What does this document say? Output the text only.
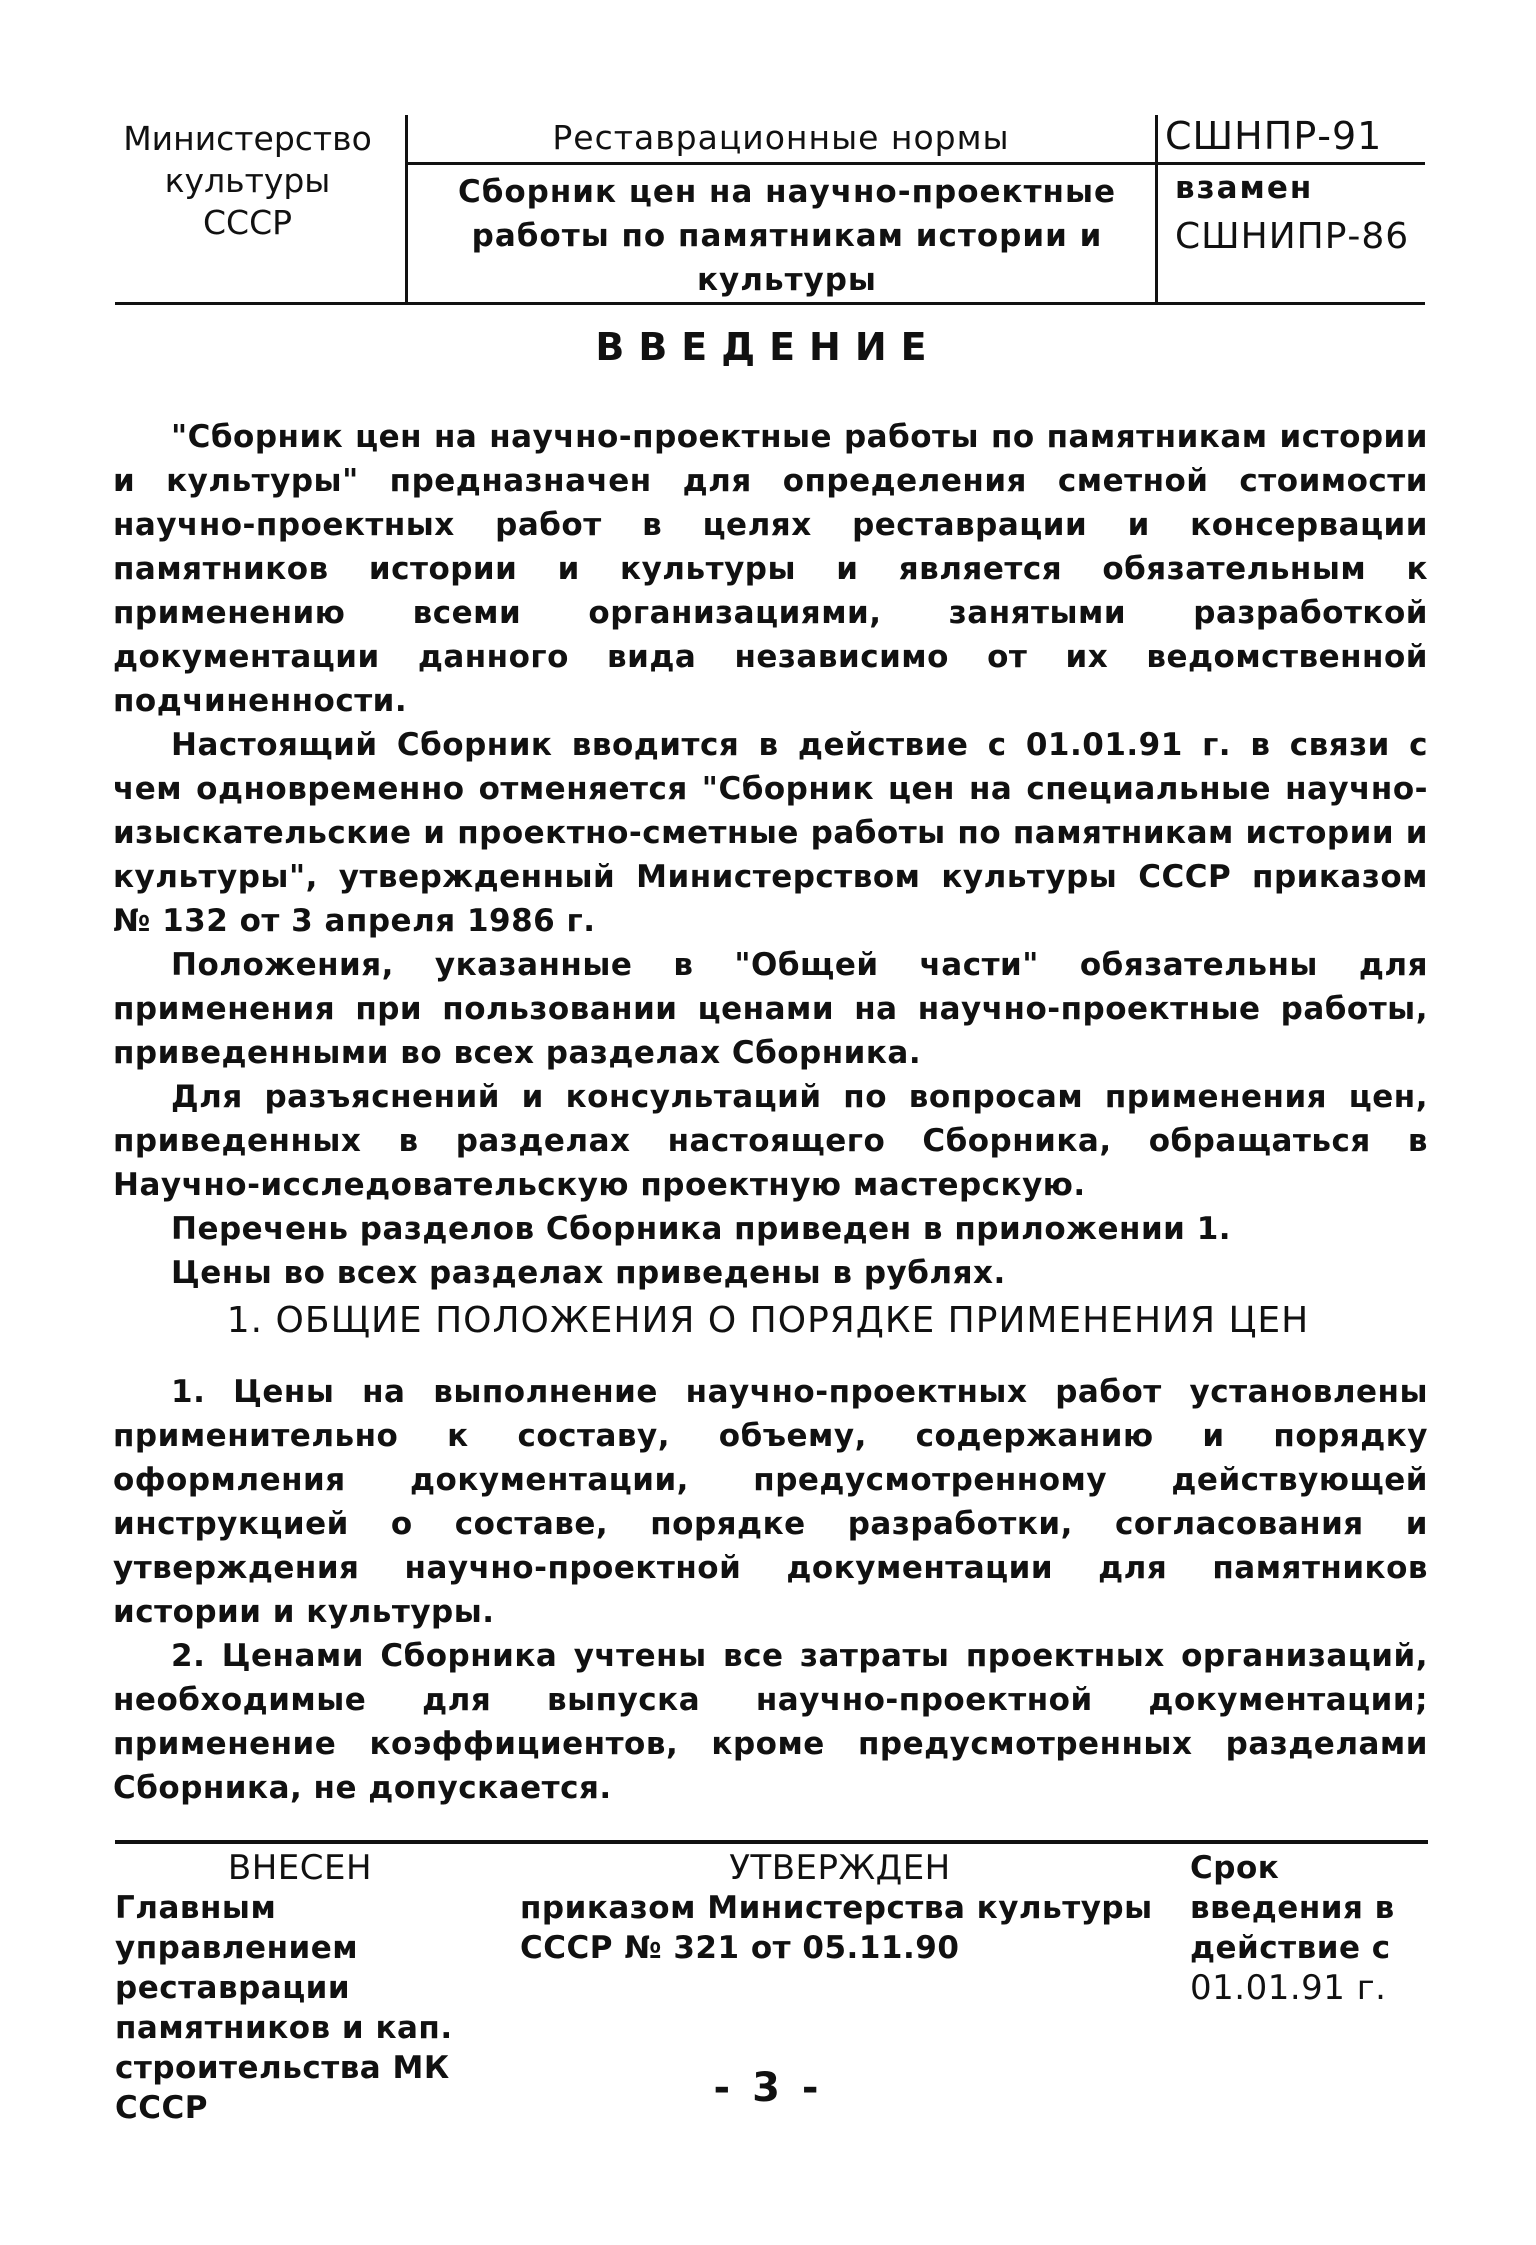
Министерство
культуры
СССР
Реставрационные нормы	СШНПР-91
Сборник цен на научно-проектные
работы по памятникам истории и
культуры
взамен
СШНИПР-86
ВВЕДЕНИЕ

"Сборник цен на научно-проектные работы по памятникам истории и культуры" предназначен для определения сметной стоимости научно-проектных работ в целях реставрации и консервации памятников истории и культуры и является обязательным к применению всеми организациями, занятыми разработкой документации данного вида независимо от их ведомственной подчиненности.

Настоящий Сборник вводится в действие с 01.01.91 г. в связи с чем одновременно отменяется "Сборник цен на специальные научно-изыскательские и проектно-сметные работы по памятникам истории и культуры", утвержденный Министерством культуры СССР приказом № 132 от 3 апреля 1986 г.

Положения, указанные в "Общей части" обязательны для применения при пользовании ценами на научно-проектные работы, приведенными во всех разделах Сборника.

Для разъяснений и консультаций по вопросам применения цен, приведенных в разделах настоящего Сборника, обращаться в Научно-исследовательскую проектную мастерскую.

Перечень разделов Сборника приведен в приложении 1.

Цены во всех разделах приведены в рублях.

1. ОБЩИЕ ПОЛОЖЕНИЯ О ПОРЯДКЕ ПРИМЕНЕНИЯ ЦЕН

1. Цены на выполнение научно-проектных работ установлены применительно к составу, объему, содержанию и порядку оформления документации, предусмотренному действующей инструкцией о составе, порядке разработки, согласования и утверждения научно-проектной документации для памятников истории и культуры.

2. Ценами Сборника учтены все затраты проектных организаций, необходимые для выпуска научно-проектной документации; применение коэффициентов, кроме предусмотренных разделами Сборника, не допускается.

ВНЕСЕН
Главным управлением реставрации памятников и кап. строительства МК СССР
УТВЕРЖДЕН
приказом Министерства культуры СССР № 321 от 05.11.90
Срок
введения в действие с
01.01.91 г.
- 3 -
